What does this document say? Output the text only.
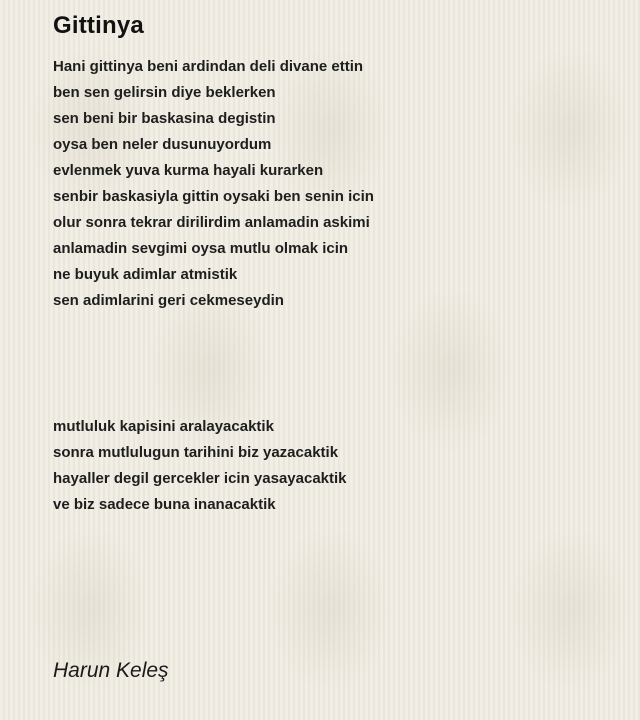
Gittinya
Hani gittinya beni ardindan deli divane ettin
ben sen gelirsin diye beklerken
sen beni bir baskasina degistin
oysa ben neler dusunuyordum
evlenmek yuva kurma hayali kurarken
senbir baskasiyla gittin oysaki ben senin icin
olur sonra tekrar dirilirdim anlamadin askimi
anlamadin sevgimi oysa mutlu olmak icin
ne buyuk adimlar atmistik
sen adimlarini geri cekmeseydin
mutluluk kapisini aralayacaktik
sonra mutlulugun tarihini biz yazacaktik
hayaller degil gercekler icin yasayacaktik
ve biz sadece buna inanacaktik

Harun Keleş
